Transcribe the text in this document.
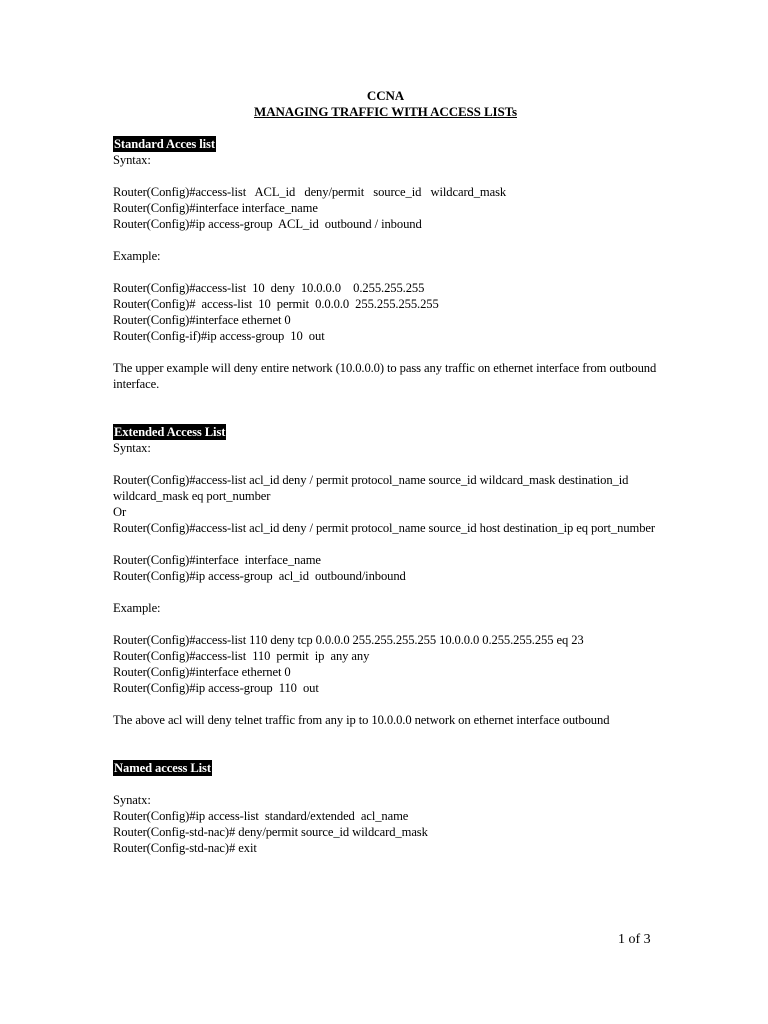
CCNA
MANAGING TRAFFIC WITH ACCESS LISTs
Standard Acces list
Syntax:
Router(Config)#access-list   ACL_id   deny/permit   source_id   wildcard_mask
Router(Config)#interface interface_name
Router(Config)#ip access-group  ACL_id  outbound / inbound
Example:
Router(Config)#access-list  10  deny  10.0.0.0    0.255.255.255
Router(Config)#  access-list  10  permit  0.0.0.0  255.255.255.255
Router(Config)#interface ethernet 0
Router(Config-if)#ip access-group  10  out
The upper example will deny entire network (10.0.0.0) to pass any traffic on ethernet interface from outbound interface.
Extended Access List
Syntax:
Router(Config)#access-list acl_id deny / permit protocol_name source_id wildcard_mask destination_id wildcard_mask eq port_number
Or
Router(Config)#access-list acl_id deny / permit protocol_name source_id host destination_ip eq port_number
Router(Config)#interface  interface_name
Router(Config)#ip access-group  acl_id  outbound/inbound
Example:
Router(Config)#access-list 110 deny tcp 0.0.0.0 255.255.255.255 10.0.0.0 0.255.255.255 eq 23
Router(Config)#access-list  110  permit  ip  any any
Router(Config)#interface ethernet 0
Router(Config)#ip access-group  110  out
The above acl will deny telnet traffic from any ip to 10.0.0.0 network on ethernet interface outbound
Named access List
Synatx:
Router(Config)#ip access-list  standard/extended  acl_name
Router(Config-std-nac)# deny/permit source_id wildcard_mask
Router(Config-std-nac)# exit
1 of 3
